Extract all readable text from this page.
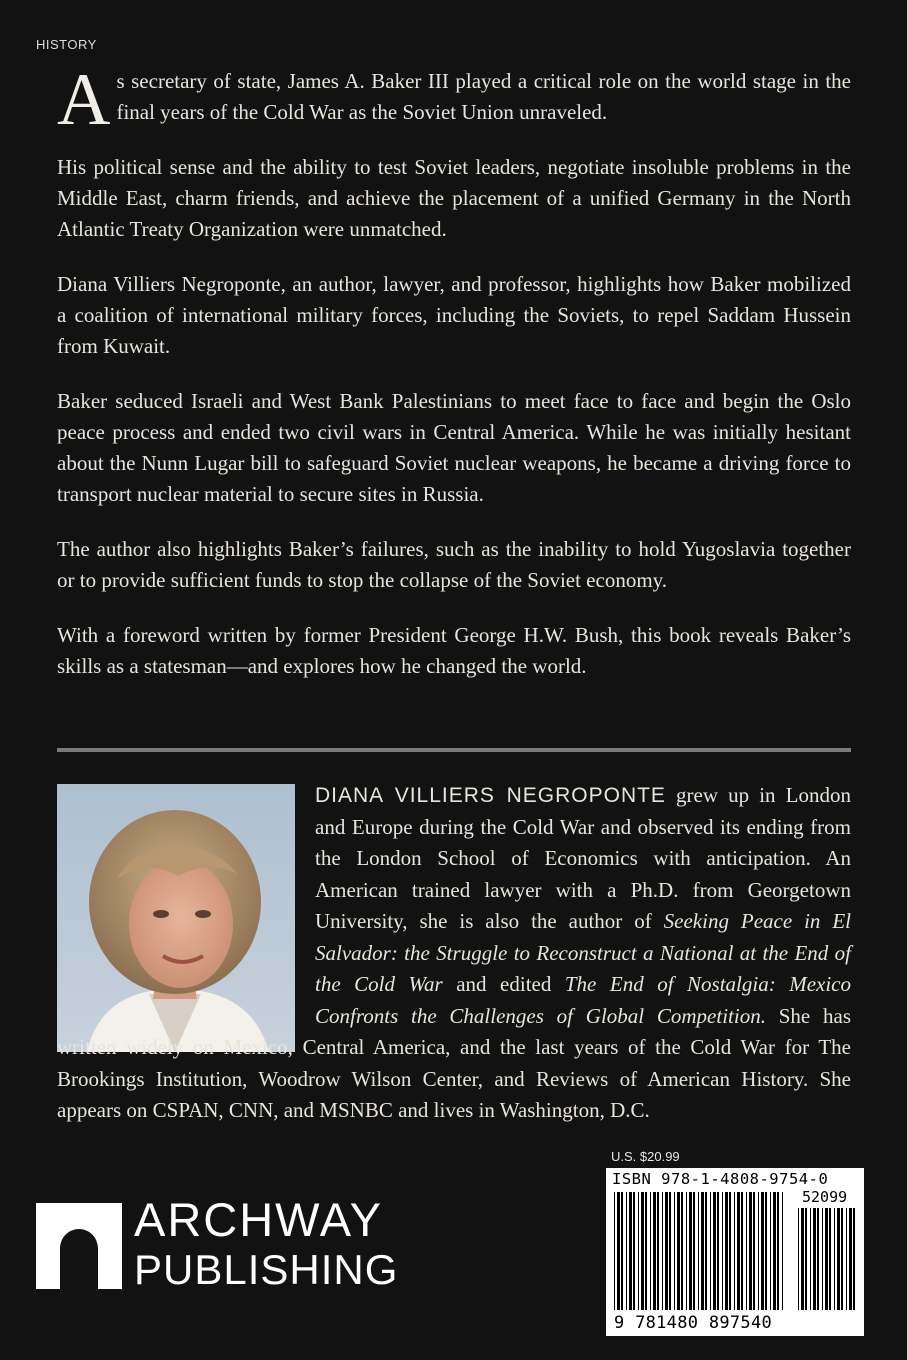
HISTORY

As secretary of state, James A. Baker III played a critical role on the world stage in the final years of the Cold War as the Soviet Union unraveled.

His political sense and the ability to test Soviet leaders, negotiate insoluble problems in the Middle East, charm friends, and achieve the placement of a unified Germany in the North Atlantic Treaty Organization were unmatched.

Diana Villiers Negroponte, an author, lawyer, and professor, highlights how Baker mobilized a coalition of international military forces, including the Soviets, to repel Saddam Hussein from Kuwait.

Baker seduced Israeli and West Bank Palestinians to meet face to face and begin the Oslo peace process and ended two civil wars in Central America. While he was initially hesitant about the Nunn Lugar bill to safeguard Soviet nuclear weapons, he became a driving force to transport nuclear material to secure sites in Russia.

The author also highlights Baker’s failures, such as the inability to hold Yugoslavia together or to provide sufficient funds to stop the collapse of the Soviet economy.

With a foreword written by former President George H.W. Bush, this book reveals Baker’s skills as a statesman—and explores how he changed the world.

DIANA VILLIERS NEGROPONTE grew up in London and Europe during the Cold War and observed its ending from the London School of Economics with anticipation. An American trained lawyer with a Ph.D. from Georgetown University, she is also the author of Seeking Peace in El Salvador: the Struggle to Reconstruct a National at the End of the Cold War and edited The End of Nostalgia: Mexico Confronts the Challenges of Global Competition. She has written widely on Mexico, Central America, and the last years of the Cold War for The Brookings Institution, Woodrow Wilson Center, and Reviews of American History. She appears on CSPAN, CNN, and MSNBC and lives in Washington, D.C.
U.S. $20.99
ISBN 978-1-4808-9754-0
52099
9 781480 897540
ARCHWAY
PUBLISHING
